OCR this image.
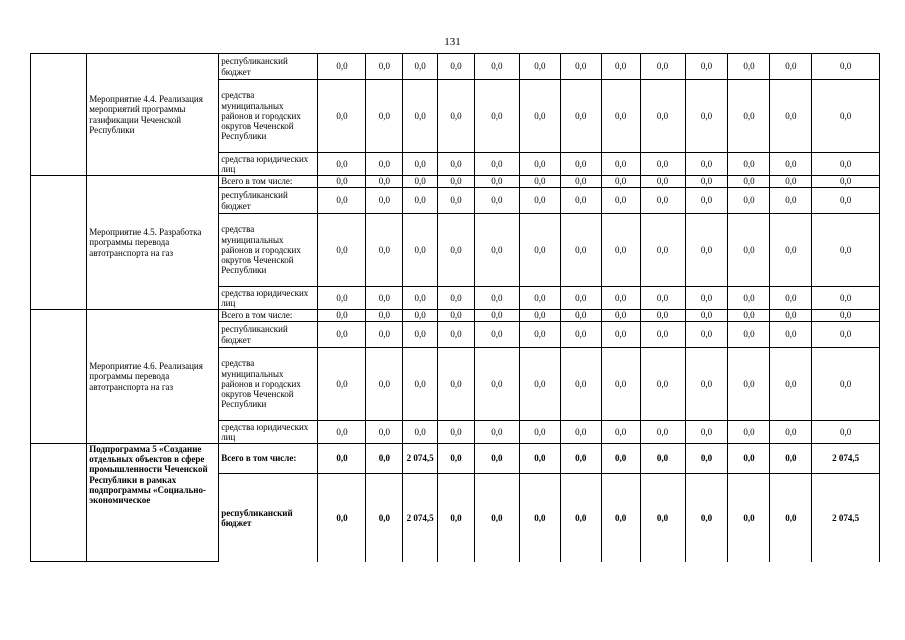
131
	Мероприятие 4.4. Реализация мероприятий программы газификации Чеченской Республики	республиканский бюджет	0,0	0,0	0,0	0,0	0,0	0,0	0,0	0,0	0,0	0,0	0,0	0,0	0,0
		средства муниципальных районов и городских округов Чеченской Республики	0,0	0,0	0,0	0,0	0,0	0,0	0,0	0,0	0,0	0,0	0,0	0,0	0,0
		средства юридических лиц	0,0	0,0	0,0	0,0	0,0	0,0	0,0	0,0	0,0	0,0	0,0	0,0	0,0
	Мероприятие 4.5. Разработка программы перевода автотранспорта на газ	Всего в том числе:	0,0	0,0	0,0	0,0	0,0	0,0	0,0	0,0	0,0	0,0	0,0	0,0	0,0
		республиканский бюджет	0,0	0,0	0,0	0,0	0,0	0,0	0,0	0,0	0,0	0,0	0,0	0,0	0,0
		средства муниципальных районов и городских округов Чеченской Республики	0,0	0,0	0,0	0,0	0,0	0,0	0,0	0,0	0,0	0,0	0,0	0,0	0,0
		средства юридических лиц	0,0	0,0	0,0	0,0	0,0	0,0	0,0	0,0	0,0	0,0	0,0	0,0	0,0
	Мероприятие 4.6. Реализация программы перевода автотранспорта на газ	Всего в том числе:	0,0	0,0	0,0	0,0	0,0	0,0	0,0	0,0	0,0	0,0	0,0	0,0	0,0
		республиканский бюджет	0,0	0,0	0,0	0,0	0,0	0,0	0,0	0,0	0,0	0,0	0,0	0,0	0,0
		средства муниципальных районов и городских округов Чеченской Республики	0,0	0,0	0,0	0,0	0,0	0,0	0,0	0,0	0,0	0,0	0,0	0,0	0,0
		средства юридических лиц	0,0	0,0	0,0	0,0	0,0	0,0	0,0	0,0	0,0	0,0	0,0	0,0	0,0
	Подпрограмма 5 «Создание отдельных объектов в сфере промышленности Чеченской Республики в рамках подпрограммы «Социально-экономическое	Всего в том числе:	0,0	0,0	2 074,5	0,0	0,0	0,0	0,0	0,0	0,0	0,0	0,0	0,0	2 074,5
		республиканский бюджет	0,0	0,0	2 074,5	0,0	0,0	0,0	0,0	0,0	0,0	0,0	0,0	0,0	2 074,5
